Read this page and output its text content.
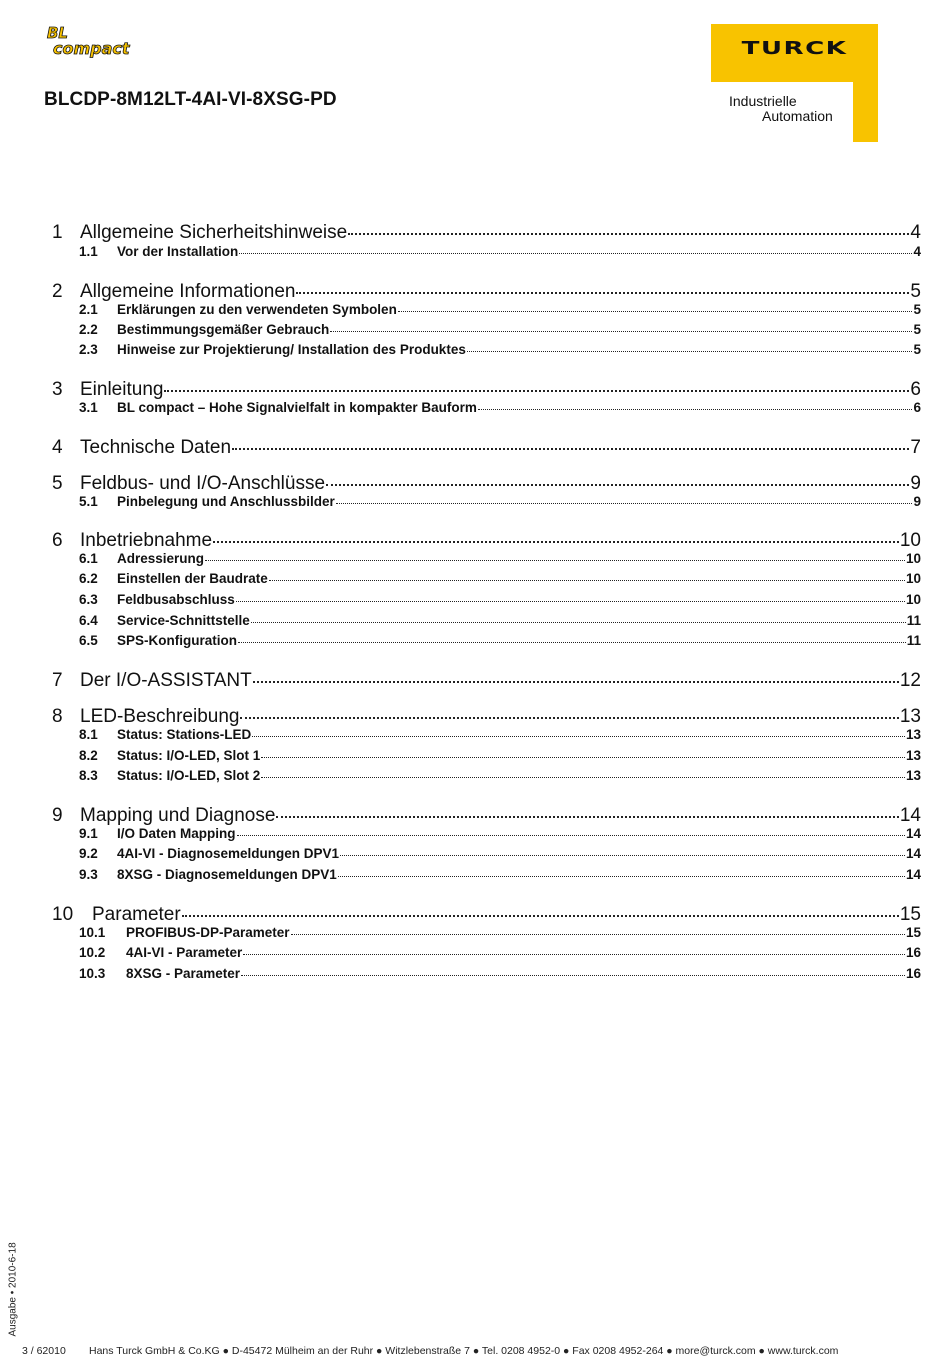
BL
compact
BLCDP-8M12LT-4AI-VI-8XSG-PD
TURCK
Industrielle
Automation
1 Allgemeine Sicherheitshinweise	4
1.1	Vor der Installation	4
2 Allgemeine Informationen	5
2.1	Erklärungen zu den verwendeten Symbolen	5
2.2	Bestimmungsgemäßer Gebrauch	5
2.3	Hinweise zur Projektierung/ Installation des Produktes	5
3 Einleitung	6
3.1	BL compact – Hohe Signalvielfalt in kompakter Bauform	6
4 Technische Daten	7
5 Feldbus- und I/O-Anschlüsse	9
5.1	Pinbelegung und Anschlussbilder	9
6 Inbetriebnahme	10
6.1	Adressierung	10
6.2	Einstellen der Baudrate	10
6.3	Feldbusabschluss	10
6.4	Service-Schnittstelle	11
6.5	SPS-Konfiguration	11
7 Der I/O-ASSISTANT	12
8 LED-Beschreibung	13
8.1	Status: Stations-LED	13
8.2	Status: I/O-LED, Slot 1	13
8.3	Status: I/O-LED, Slot 2	13
9 Mapping und Diagnose	14
9.1	I/O Daten Mapping	14
9.2	4AI-VI - Diagnosemeldungen DPV1	14
9.3	8XSG - Diagnosemeldungen DPV1	14
10 Parameter	15
10.1	PROFIBUS-DP-Parameter	15
10.2	4AI-VI - Parameter	16
10.3	8XSG - Parameter	16
Ausgabe • 2010-6-18
3 / 62010 Hans Turck GmbH & Co.KG ● D-45472 Mülheim an der Ruhr ● Witzlebenstraße 7 ● Tel. 0208 4952-0 ● Fax 0208 4952-264 ● more@turck.com ● www.turck.com
